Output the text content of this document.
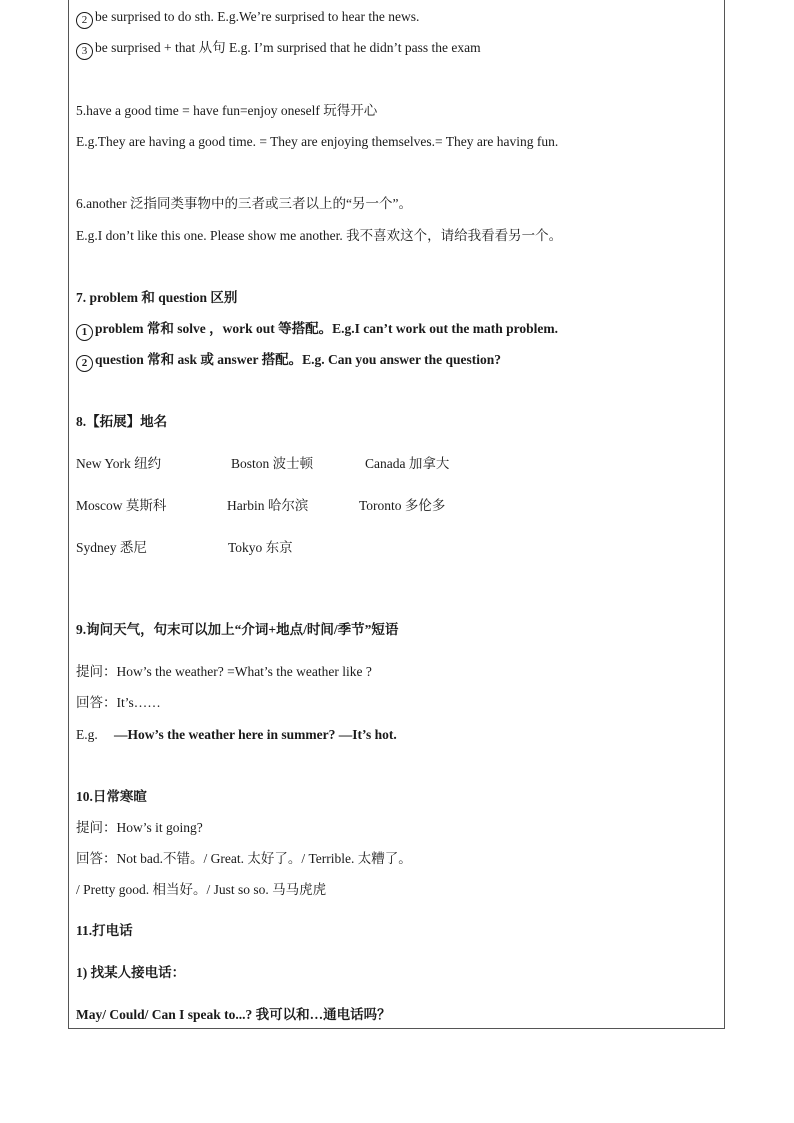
2 be surprised to do sth. E.g.We’re surprised to hear the news.
3 be surprised + that 从句 E.g. I’m surprised that he didn’t pass the exam
5.have a good time = have fun=enjoy oneself 玩得开心
E.g.They are having a good time. = They are enjoying themselves.= They are having fun.
6.another 泛指同类事物中的三者或三者以上的“另一个”。
E.g.I don’t like this one. Please show me another. 我不喜欢这个，请给我看看另一个。
7. problem 和 question 区别
1 problem 常和 solve ，work out 等搭配。E.g.I can’t work out the math problem.
2 question 常和 ask 或 answer 搭配。E.g. Can you answer the question?
8.【拓展】地名
New York 纽约	Boston 波士顿	Canada 加拿大
Moscow 莫斯科	Harbin 哈尔滨	Toronto 多伦多
Sydney 悉尼	Tokyo 东京
9.询问天气，句末可以加上“介词+地点/时间/季节”短语
提问：How’s the weather? =What’s the weather like ?
回答：It’s……
E.g. —How’s the weather here in summer? —It’s hot.
10.日常寒暄
提问：How’s it going?
回答：Not bad.不错。/ Great. 太好了。/ Terrible. 太糟了。
/ Pretty good. 相当好。/ Just so so. 马马虎虎
11.打电话
1) 找某人接电话：
May/ Could/ Can I speak to...? 我可以和…通电话吗？
